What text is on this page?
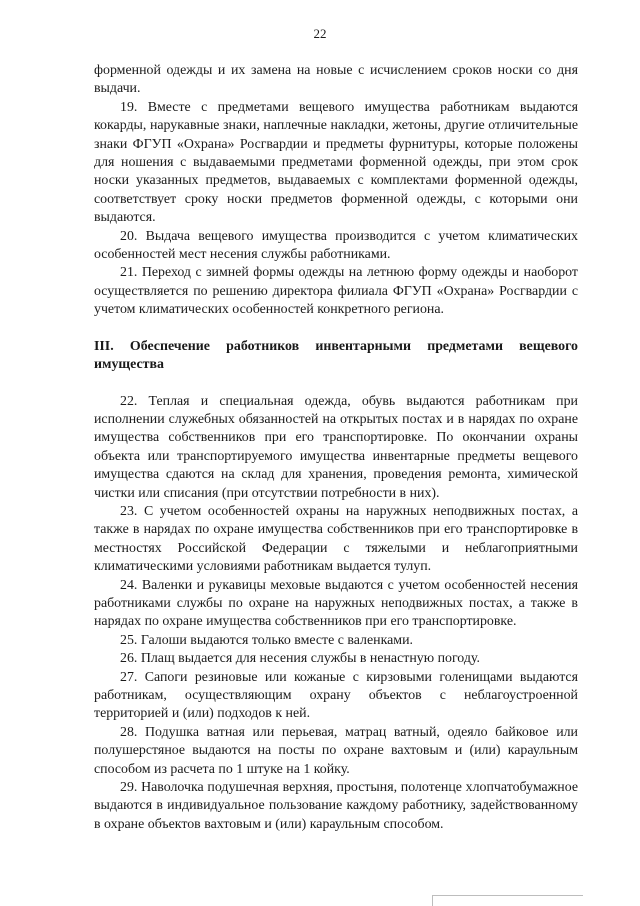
22

форменной одежды и их замена на новые с исчислением сроков носки со дня выдачи.

19. Вместе с предметами вещевого имущества работникам выдаются кокарды, нарукавные знаки, наплечные накладки, жетоны, другие отличительные знаки ФГУП «Охрана» Росгвардии и предметы фурнитуры, которые положены для ношения с выдаваемыми предметами форменной одежды, при этом срок носки указанных предметов, выдаваемых с комплектами форменной одежды, соответствует сроку носки предметов форменной одежды, с которыми они выдаются.

20. Выдача вещевого имущества производится с учетом климатических особенностей мест несения службы работниками.

21. Переход с зимней формы одежды на летнюю форму одежды и наоборот осуществляется по решению директора филиала ФГУП «Охрана» Росгвардии с учетом климатических особенностей конкретного региона.

III. Обеспечение работников инвентарными предметами вещевого имущества

22. Теплая и специальная одежда, обувь выдаются работникам при исполнении служебных обязанностей на открытых постах и в нарядах по охране имущества собственников при его транспортировке. По окончании охраны объекта или транспортируемого имущества инвентарные предметы вещевого имущества сдаются на склад для хранения, проведения ремонта, химической чистки или списания (при отсутствии потребности в них).

23. С учетом особенностей охраны на наружных неподвижных постах, а также в нарядах по охране имущества собственников при его транспортировке в местностях Российской Федерации с тяжелыми и неблагоприятными климатическими условиями работникам выдается тулуп.

24. Валенки и рукавицы меховые выдаются с учетом особенностей несения работниками службы по охране на наружных неподвижных постах, а также в нарядах по охране имущества собственников при его транспортировке.

25. Галоши выдаются только вместе с валенками.

26. Плащ выдается для несения службы в ненастную погоду.

27. Сапоги резиновые или кожаные с кирзовыми голенищами выдаются работникам, осуществляющим охрану объектов с неблагоустроенной территорией и (или) подходов к ней.

28. Подушка ватная или перьевая, матрац ватный, одеяло байковое или полушерстяное выдаются на посты по охране вахтовым и (или) караульным способом из расчета по 1 штуке на 1 койку.

29. Наволочка подушечная верхняя, простыня, полотенце хлопчатобумажное выдаются в индивидуальное пользование каждому работнику, задействованному в охране объектов вахтовым и (или) караульным способом.
